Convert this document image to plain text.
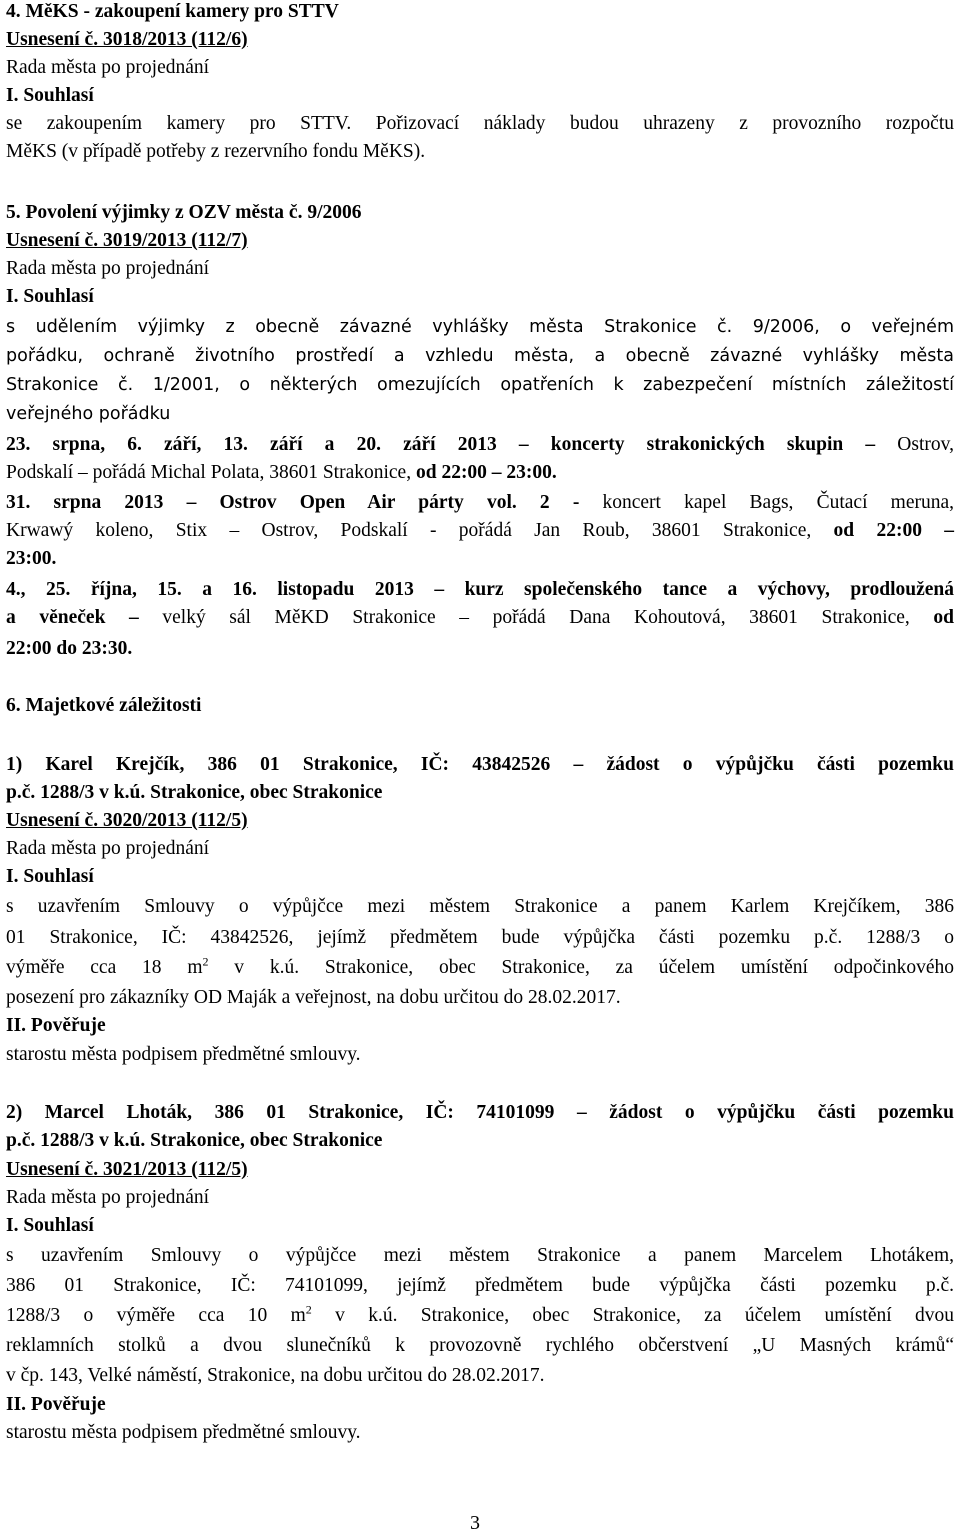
4. MěKS - zakoupení kamery pro STTV
Usnesení č. 3018/2013 (112/6)
Rada města po projednání
I. Souhlasí
se zakoupením kamery pro STTV. Pořizovací náklady budou uhrazeny z provozního rozpočtu
MěKS (v případě potřeby z rezervního fondu MěKS).
5. Povolení výjimky z OZV města č. 9/2006
Usnesení č. 3019/2013 (112/7)
Rada města po projednání
I. Souhlasí
s udělením výjimky z obecně závazné vyhlášky města Strakonice č. 9/2006, o veřejném
pořádku, ochraně životního prostředí a vzhledu města, a obecně závazné vyhlášky města
Strakonice č. 1/2001, o některých omezujících opatřeních k zabezpečení místních záležitostí
veřejného pořádku
23. srpna, 6. září, 13. září a 20. září 2013 – koncerty strakonických skupin – Ostrov,
Podskalí – pořádá Michal Polata, 38601 Strakonice, od 22:00 – 23:00.
31. srpna 2013 – Ostrov Open Air párty vol. 2 - koncert kapel Bags, Čutací meruna,
Krwawý koleno, Stix – Ostrov, Podskalí - pořádá Jan Roub, 38601 Strakonice, od 22:00 –
23:00.
4., 25. října, 15. a 16. listopadu 2013 – kurz společenského tance a výchovy, prodloužená
a věneček – velký sál MěKD Strakonice – pořádá Dana Kohoutová, 38601 Strakonice, od
22:00 do 23:30.
6. Majetkové záležitosti
1) Karel Krejčík, 386 01 Strakonice, IČ: 43842526 – žádost o výpůjčku části pozemku
p.č. 1288/3 v k.ú. Strakonice, obec Strakonice
Usnesení č. 3020/2013 (112/5)
Rada města po projednání
I. Souhlasí
s uzavřením Smlouvy o výpůjčce mezi městem Strakonice a panem Karlem Krejčíkem, 386
01 Strakonice, IČ: 43842526, jejímž předmětem bude výpůjčka části pozemku p.č. 1288/3 o
výměře cca 18 $m^2$ v k.ú. Strakonice, obec Strakonice, za účelem umístění odpočinkového
posezení pro zákazníky OD Maják a veřejnost, na dobu určitou do 28.02.2017.
II. Pověřuje
starostu města podpisem předmětné smlouvy.
2) Marcel Lhoták, 386 01 Strakonice, IČ: 74101099 – žádost o výpůjčku části pozemku
p.č. 1288/3 v k.ú. Strakonice, obec Strakonice
Usnesení č. 3021/2013 (112/5)
Rada města po projednání
I. Souhlasí
s uzavřením Smlouvy o výpůjčce mezi městem Strakonice a panem Marcelem Lhotákem,
386 01 Strakonice, IČ: 74101099, jejímž předmětem bude výpůjčka části pozemku p.č.
1288/3 o výměře cca 10 $m^2$ v k.ú. Strakonice, obec Strakonice, za účelem umístění dvou
reklamních stolků a dvou slunečníků k provozovně rychlého občerstvení „U Masných krámů“
v čp. 143, Velké náměstí, Strakonice, na dobu určitou do 28.02.2017.
II. Pověřuje
starostu města podpisem předmětné smlouvy.
3
